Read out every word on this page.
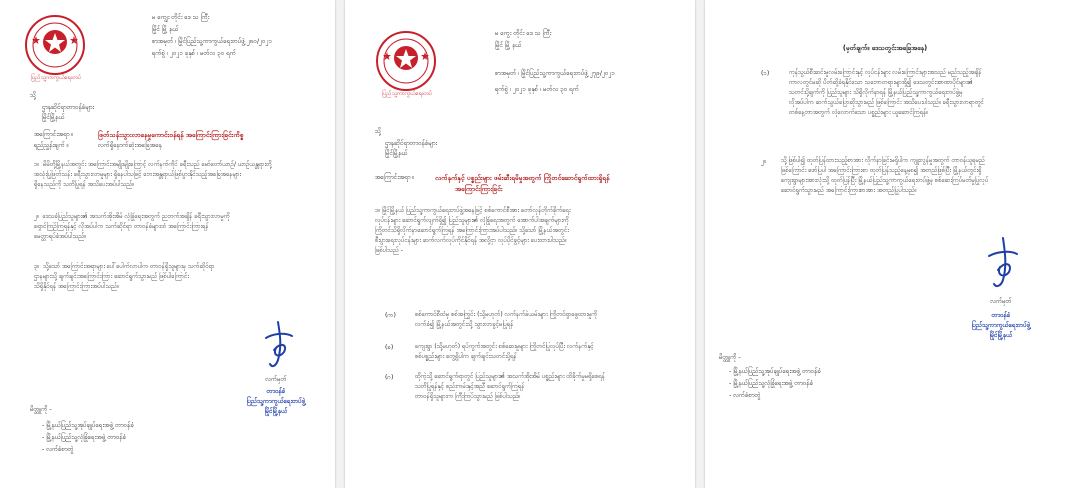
ပြည်သူ့ကာကွယ်ရေးတပ်
မ ကျွေး တိုင်း ဒေ သ ကြီး
မြိုင် မြို့ နယ်
စာအမှတ် ၊ မြိုင်ပြည်သူ့ကာကွယ်ရေးတပ်ဖွဲ့ ၂၈၀/၂၀၂၁
ရက်စွဲ ၊ ၂၀၂၁ ခုနှစ် ၊ မတ်လ ၃၀ ရက်
သို့
ဌာနဆိုင်ရာတာဝန်ခံများ
မြိုင်မြို့နယ်
အကြောင်းအရာ ။	ဖြတ်သန်းသွားလာနေမှုကောင်းဝန်ရန် အကြောင်းကြားခြင်းကိစ္စ
ရည်ညွှန်းချက် ။	လက်ရှိနောက်ဆုံးအခြေအနေ
၁။ မိမိတို့မြို့နယ်အတွင်း အကြောင်းအမျိုးမျိုးကြောင့် လက်နက်ကိုင် ခရီးသည် မော်တော်ယာဉ်/ ယာဉ်ယန္တရားတို့
အသုံးပြုဖြတ်သန်း ခရီးသွားလာမှုများ ရှိနေပါသဖြင့် ဘေးအန္တရာယ်ဖြစ်ပွားနိုင်သည့်အခြေအနေများ
ရှိနေသည်ကို သတိပြုရန် အသိပေးအပ်ပါသည်။
၂။ ဒေသခံပြည်သူများ၏ အသက်အိုးအိမ် လုံခြုံရေးအတွက် ညဘက်အချိန် ခရီးသွားလာမှုကို
ရှောင်ကြဉ်ကြရန်နှင့် လိုအပ်ပါက သက်ဆိုင်ရာ တာဝန်ခံများထံ အကြောင်းကြားရန်
မေတ္တာရပ်ခံအပ်ပါသည်။
၃။ သို့သော် အကြောင်းအရာများ ပေါ်ပေါက်လာပါက တာဝန်ရှိသူများမှ သက်ဆိုင်ရာ
ဌာနများသို့ ချက်ချင်းအကြောင်းကြား ဆောင်ရွက်သွားမည် ဖြစ်ပါကြောင်း
သိရှိနိုင်ရန် အကြောင်းကြားအပ်ပါသည်။
လက်မှတ်
တာဝန်ခံ
ပြည်သူ့ကာကွယ်ရေးတပ်ဖွဲ့
မြိုင်မြို့နယ်
မိတ္တူကို -
- မြို့နယ်ပြည်သူ့အုပ်ချုပ်ရေးအဖွဲ့ တာဝန်ခံ
- မြို့နယ်ပြည်သူ့လုံခြုံရေးအဖွဲ့ တာဝန်ခံ
- လက်ခံစာတွဲ
ပြည်သူ့ကာကွယ်ရေးတပ်
မ ကွေး တိုင်း ဒေ သ ကြီး
မြိုင် မြို့ နယ်
စာအမှတ် ၊ မြိုင်ပြည်သူ့ကာကွယ်ရေးတပ်ဖွဲ့ ၂၇၉/၂၀၂၁
ရက်စွဲ ၊ ၂၀၂၁ ခုနှစ် ၊ မတ်လ ၃၀ ရက်
သို့
ဌာနဆိုင်ရာတာဝန်ခံများ
မြိုင်မြို့နယ်
အကြောင်းအရာ ။	လက်နက်နှင့် ပစ္စည်းများ ဖမ်းဆီးရမိမှုအတွက် ကြိုတင်ဆောင်ရွက်ထားရှိရန်
အကြောင်းကြားခြင်း
၁။ မြိုင်မြို့နယ် ပြည်သူ့ကာကွယ်ရေးတပ်ဖွဲ့အနေဖြင့် စစ်ကောင်စီအား တော်လှန်တိုက်ခိုက်ရေး
လုပ်ငန်းများ ဆောင်ရွက်လျက်ရှိ၍ ပြည်သူများ၏ လုံခြုံရေးအတွက် အောက်ပါအချက်များကို
ကြိုတင်သိရှိလိုက်နာဆောင်ရွက်ကြရန် အကြောင်းကြားအပ်ပါသည်။ သို့သော် မြို့နယ်အတွင်း
စီးပွားရေးလုပ်ငန်းများ ဆက်လက်လုပ်ကိုင်နိုင်ရန် အလို့ငှာ လုပ်ပိုင်ခွင့်များ ပေးထားပါသည်။
ဖြစ်ပါသည် -
(က)	စစ်ကောင်စီထံမှ စစ်အကြွင်း (သို့မဟုတ်) လက်နက်ခဲယမ်းများ ကြိုတင်ရှာဖွေထားမှုကို
လက်ခံ၍ မြို့နယ်အတွင်းသို့ သွားလာခွင့်မပြုရန်
(ခ)	ကျေးရွာ (သို့မဟုတ်) ရပ်ကွက်အတွင်း စစ်ဆေးမှုများ ကြိုတင်ပြုလုပ်ပြီး လက်နက်နှင့်
စစ်ပစ္စည်းများ တွေ့ရှိပါက ချက်ချင်းသတင်းပို့ရန်
(ဂ)	ထိုကဲ့သို့ ဆောင်ရွက်ရာတွင် ပြည်သူများ၏ အသက်အိုးအိမ် ပစ္စည်းများ ထိခိုက်မှုမရှိစေရန်
သတိပြုရန်နှင့် စည်းကမ်းနှင့်အညီ ဆောင်ရွက်ကြရန်
တာဝန်ရှိသူများက ကြီးကြပ်သွားမည် ဖြစ်ပါသည်။
(မှတ်ချက်။ ဒေသတွင်းအခြေအနေ)
(၁)	ကုန်သွယ်စီးဆင်းမှုလမ်းကြောင်းနှင့် လုပ်ငန်းများ လမ်းကြောင်းများအသည် မည်သည့်အချိန်
ကာလတွင်မဆို ပိတ်ဆို့ခံရနိုင်သော သဘောတရားများရှိ၍ ဒေသတွင်းအာဏာပိုင်များ၏
သတင်းပို့ချက်ကို ပြည်သူများ သိရှိလိုက်နာရန် မြို့နယ်ပြည်သူ့ကာကွယ်ရေးတပ်ဖွဲ့မှ
လိုအပ်ပါက ဆက်သွယ်ပြောဆိုသွားမည် ဖြစ်ကြောင်း အသိပေးပါသည်။ ခရီးသွားလာရာတွင်
တစ်နေ့တာအတွက် လုံလောက်သော ပစ္စည်းများ ယူဆောင်ကြရန်။
၂။	သို့ဖြစ်ပါ၍ ထုတ်ပြန်ထားသည့်စာအား လိုက်နာခြင်းမရှိပါက ကျူးလွန်မှုအတွက် တာဝန်ယူရမည်
ဖြစ်ကြောင်း ဖော်ပြပါ အကြောင်းကြားစာ ထုတ်ပြန်သည့်နေ့မှစ၍ အတည်ဖြစ်ပြီး မြို့နယ်တွင်းရှိ
ကျေးရွာများအားလုံးသို့ ထုတ်ပြန်ပြီး မြို့နယ်ပြည်သူ့ကာကွယ်ရေးတပ်ဖွဲ့မှ စစ်ဆေးကြပ်မတ်မှုပြုလုပ်
ဆောင်ရွက်သွားမည် အကြောင်းကြားစာအား အတည်ပြုပါသည်။
လက်မှတ်
တာဝန်ခံ
ပြည်သူ့ကာကွယ်ရေးတပ်ဖွဲ့
မြိုင်မြို့နယ်
မိတ္တူကို -
- မြို့နယ်ပြည်သူ့အုပ်ချုပ်ရေးအဖွဲ့ တာဝန်ခံ
- မြို့နယ်ပြည်သူ့လုံခြုံရေးအဖွဲ့ တာဝန်ခံ
- လက်ခံစာတွဲ
